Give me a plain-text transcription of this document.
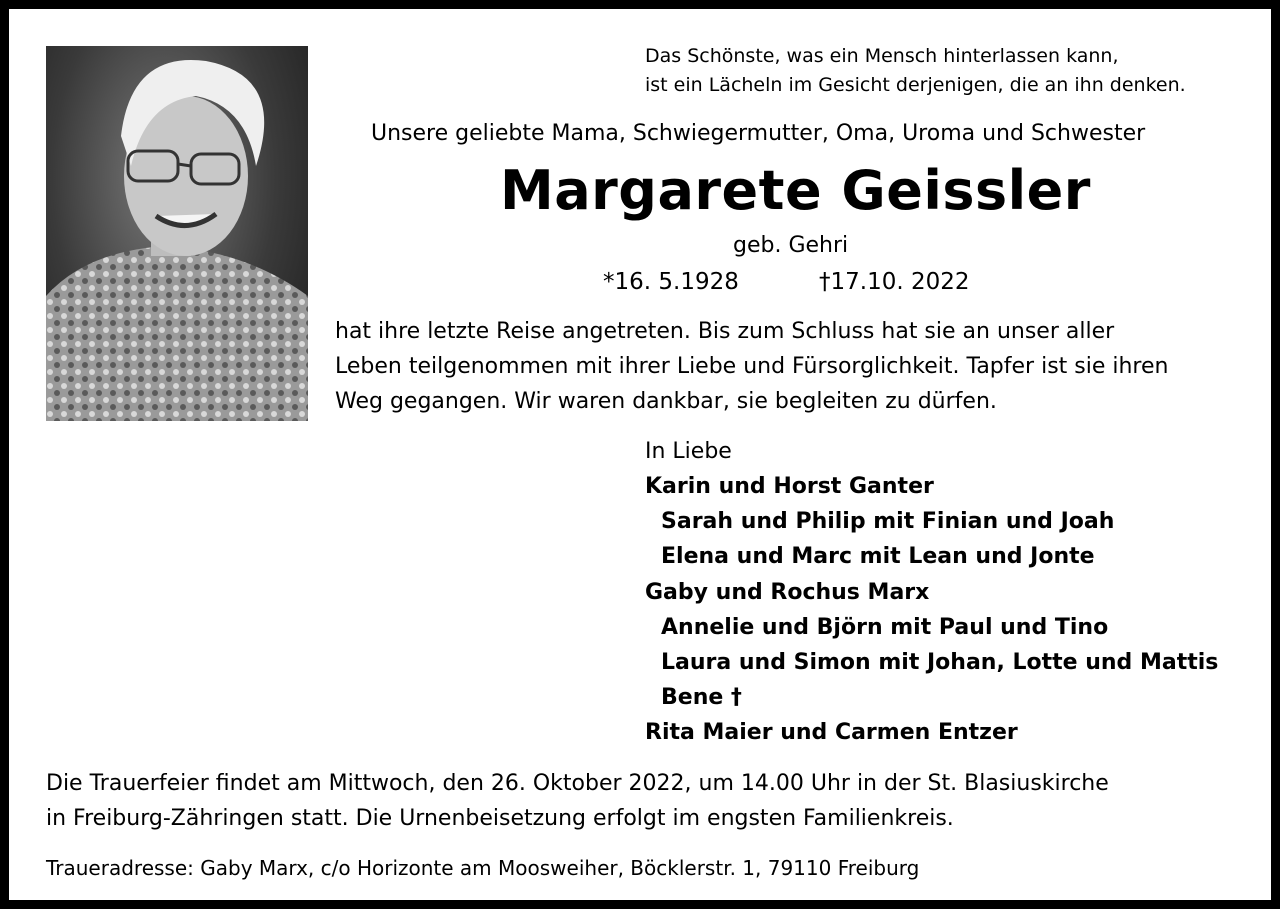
Das Schönste, was ein Mensch hinterlassen kann,
ist ein Lächeln im Gesicht derjenigen, die an ihn denken.
Unsere geliebte Mama, Schwiegermutter, Oma, Uroma und Schwester
Margarete Geissler
geb. Gehri
*16. 5.1928	†17.10. 2022
hat ihre letzte Reise angetreten. Bis zum Schluss hat sie an unser aller
Leben teilgenommen mit ihrer Liebe und Fürsorglichkeit. Tapfer ist sie ihren
Weg gegangen. Wir waren dankbar, sie begleiten zu dürfen.
In Liebe
Karin und Horst Ganter
Sarah und Philip mit Finian und Joah
Elena und Marc mit Lean und Jonte
Gaby und Rochus Marx
Annelie und Björn mit Paul und Tino
Laura und Simon mit Johan, Lotte und Mattis
Bene †
Rita Maier und Carmen Entzer
Die Trauerfeier findet am Mittwoch, den 26. Oktober 2022, um 14.00 Uhr in der St. Blasiuskirche
in Freiburg-Zähringen statt. Die Urnenbeisetzung erfolgt im engsten Familienkreis.
Traueradresse: Gaby Marx, c/o Horizonte am Moosweiher, Böcklerstr. 1, 79110 Freiburg
